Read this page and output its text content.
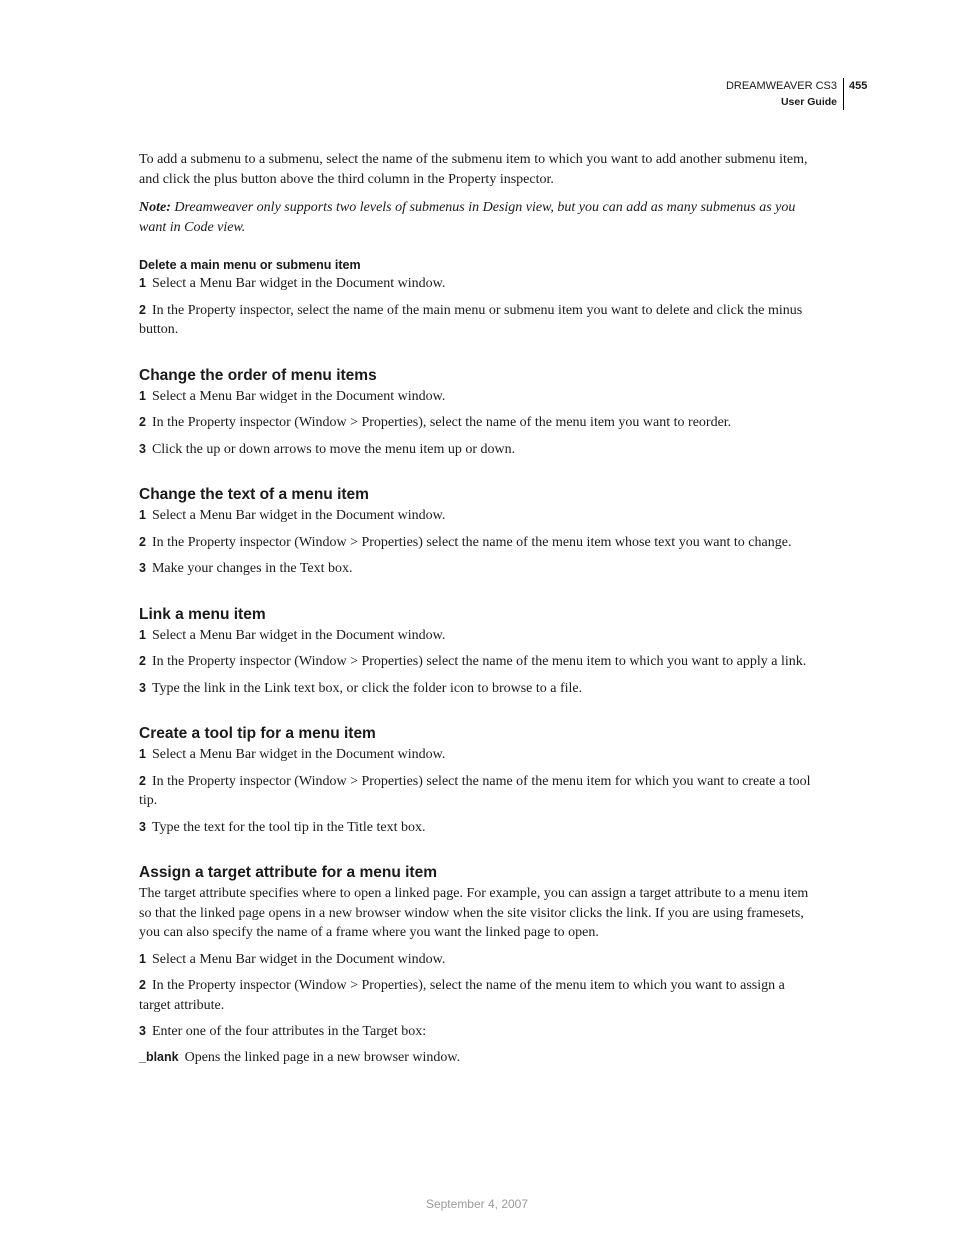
DREAMWEAVER CS3
User Guide
455

To add a submenu to a submenu, select the name of the submenu item to which you want to add another submenu item, and click the plus button above the third column in the Property inspector.

Note: Dreamweaver only supports two levels of submenus in Design view, but you can add as many submenus as you want in Code view.

Delete a main menu or submenu item

1 Select a Menu Bar widget in the Document window.

2 In the Property inspector, select the name of the main menu or submenu item you want to delete and click the minus button.

Change the order of menu items

1 Select a Menu Bar widget in the Document window.

2 In the Property inspector (Window > Properties), select the name of the menu item you want to reorder.

3 Click the up or down arrows to move the menu item up or down.

Change the text of a menu item

1 Select a Menu Bar widget in the Document window.

2 In the Property inspector (Window > Properties) select the name of the menu item whose text you want to change.

3 Make your changes in the Text box.

Link a menu item

1 Select a Menu Bar widget in the Document window.

2 In the Property inspector (Window > Properties) select the name of the menu item to which you want to apply a link.

3 Type the link in the Link text box, or click the folder icon to browse to a file.

Create a tool tip for a menu item

1 Select a Menu Bar widget in the Document window.

2 In the Property inspector (Window > Properties) select the name of the menu item for which you want to create a tool tip.

3 Type the text for the tool tip in the Title text box.

Assign a target attribute for a menu item

The target attribute specifies where to open a linked page. For example, you can assign a target attribute to a menu item so that the linked page opens in a new browser window when the site visitor clicks the link. If you are using framesets, you can also specify the name of a frame where you want the linked page to open.

1 Select a Menu Bar widget in the Document window.

2 In the Property inspector (Window > Properties), select the name of the menu item to which you want to assign a target attribute.

3 Enter one of the four attributes in the Target box:

_blank Opens the linked page in a new browser window.

September 4, 2007
